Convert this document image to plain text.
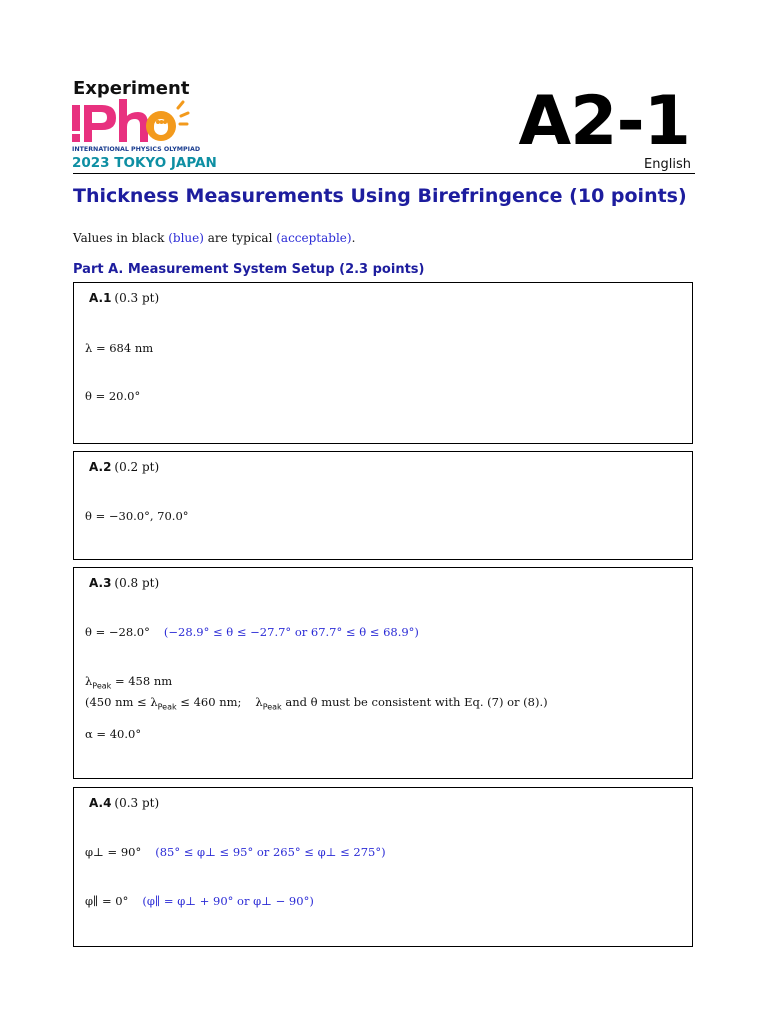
Experiment
INTERNATIONAL PHYSICS OLYMPIAD
2023 TOKYO JAPAN
A2-1
English
Thickness Measurements Using Birefringence (10 points)
Values in black (blue) are typical (acceptable).
Part A. Measurement System Setup (2.3 points)
A.1 (0.3 pt)
λ = 684 nm
θ = 20.0°
A.2 (0.2 pt)
θ = −30.0°, 70.0°
A.3 (0.8 pt)
θ = −28.0° (−28.9° ≤ θ ≤ −27.7° or 67.7° ≤ θ ≤ 68.9°)
$\lambda_{Peak} = 458$ nm
(450 nm ≤ $\lambda_{Peak} \le 460$ nm; $\lambda_{Peak}$ and θ must be consistent with Eq. (7) or (8).)
α = 40.0°
A.4 (0.3 pt)
φ⊥ = 90° (85° ≤ φ⊥ ≤ 95° or 265° ≤ φ⊥ ≤ 275°)
φ∥ = 0° (φ∥ = φ⊥ + 90° or φ⊥ − 90°)
